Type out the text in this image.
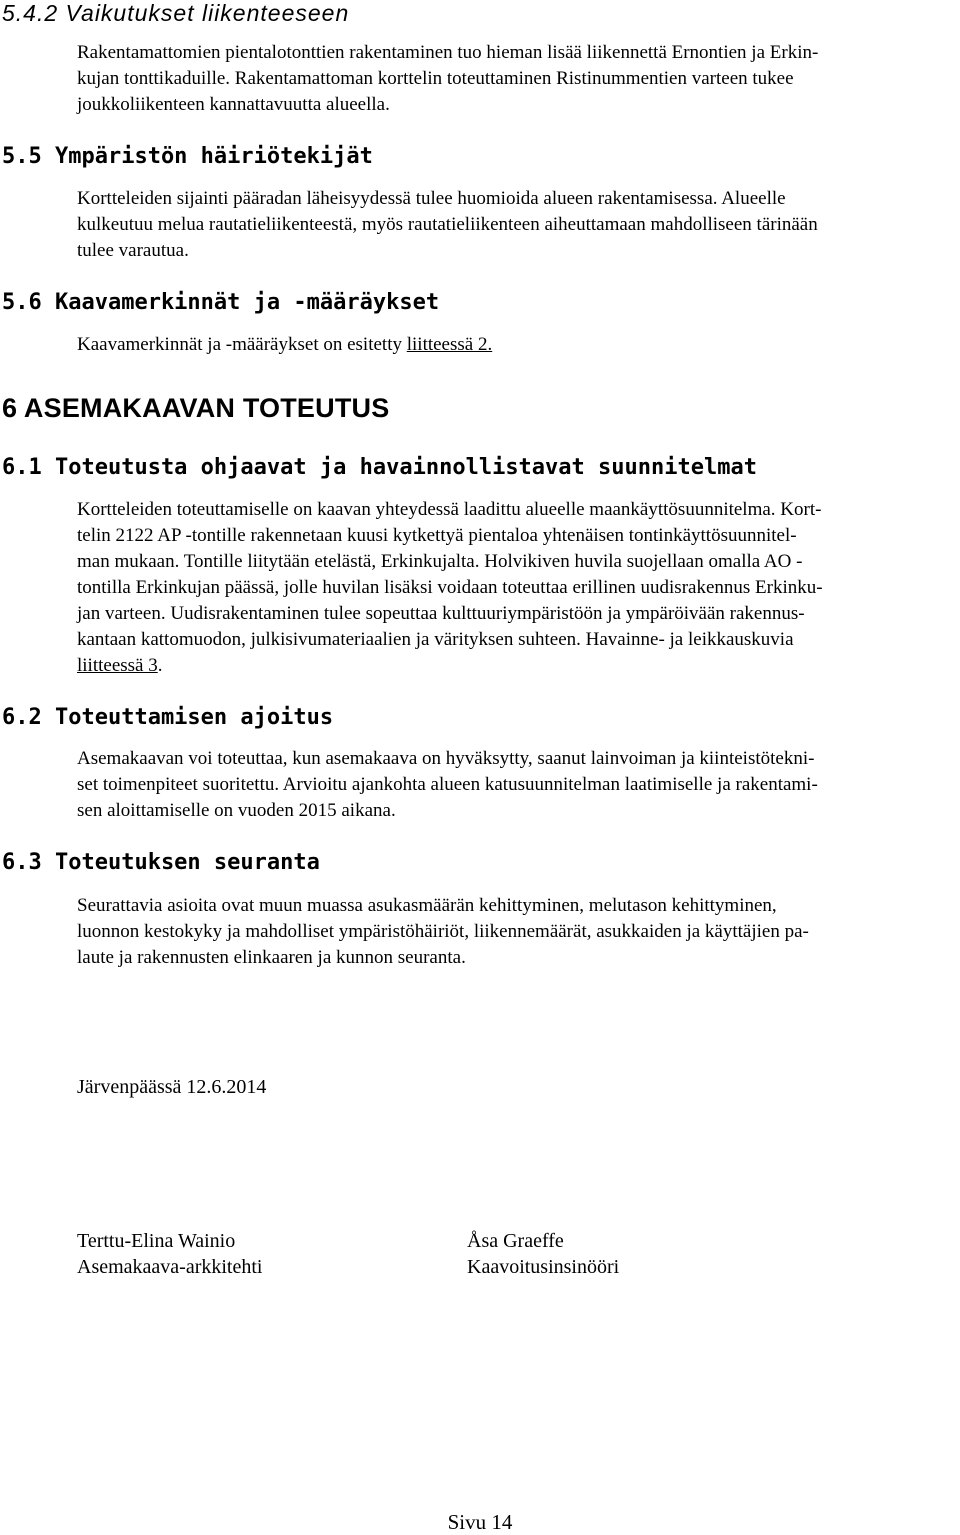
5.4.2 Vaikutukset liikenteeseen
Rakentamattomien pientalotonttien rakentaminen tuo hieman lisää liikennettä Ernontien ja Erkin-
kujan tonttikaduille. Rakentamattoman korttelin toteuttaminen Ristinummentien varteen tukee
joukkoliikenteen kannattavuutta alueella.
5.5 Ympäristön häiriötekijät
Kortteleiden sijainti pääradan läheisyydessä tulee huomioida alueen rakentamisessa. Alueelle
kulkeutuu melua rautatieliikenteestä, myös rautatieliikenteen aiheuttamaan mahdolliseen tärinään
tulee varautua.
5.6 Kaavamerkinnät ja -määräykset
Kaavamerkinnät ja -määräykset on esitetty liitteessä 2.
6 ASEMAKAAVAN TOTEUTUS
6.1 Toteutusta ohjaavat ja havainnollistavat suunnitelmat
Kortteleiden toteuttamiselle on kaavan yhteydessä laadittu alueelle maankäyttösuunnitelma. Kort-
telin 2122 AP -tontille rakennetaan kuusi kytkettyä pientaloa yhtenäisen tontinkäyttösuunnitel-
man mukaan. Tontille liitytään etelästä, Erkinkujalta. Holvikiven huvila suojellaan omalla AO -
tontilla Erkinkujan päässä, jolle huvilan lisäksi voidaan toteuttaa erillinen uudisrakennus Erkinku-
jan varteen. Uudisrakentaminen tulee sopeuttaa kulttuuriympäristöön ja ympäröivään rakennus-
kantaan kattomuodon, julkisivumateriaalien ja värityksen suhteen. Havainne- ja leikkauskuvia
liitteessä 3.
6.2 Toteuttamisen ajoitus
Asemakaavan voi toteuttaa, kun asemakaava on hyväksytty, saanut lainvoiman ja kiinteistötekni-
set toimenpiteet suoritettu. Arvioitu ajankohta alueen katusuunnitelman laatimiselle ja rakentami-
sen aloittamiselle on vuoden 2015 aikana.
6.3 Toteutuksen seuranta
Seurattavia asioita ovat muun muassa asukasmäärän kehittyminen, melutason kehittyminen,
luonnon kestokyky ja mahdolliset ympäristöhäiriöt, liikennemäärät, asukkaiden ja käyttäjien pa-
laute ja rakennusten elinkaaren ja kunnon seuranta.
Järvenpäässä 12.6.2014
Terttu-Elina Wainio
Asemakaava-arkkitehti
Åsa Graeffe
Kaavoitusinsinööri
Sivu 14
